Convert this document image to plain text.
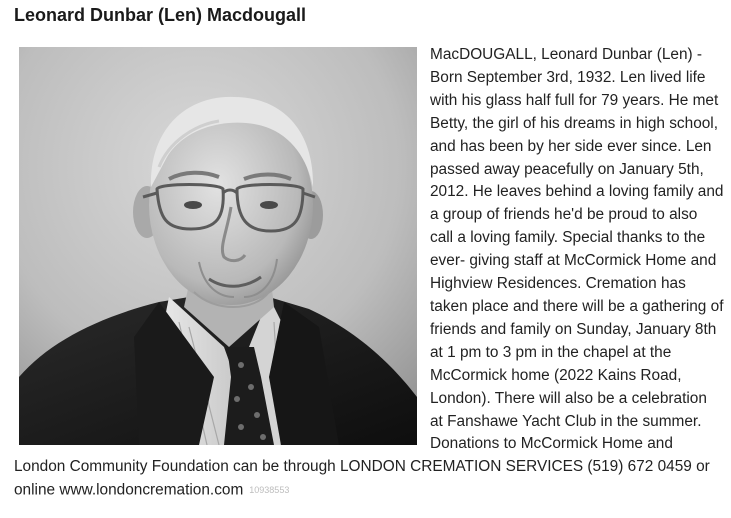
Leonard Dunbar (Len) Macdougall
MacDOUGALL, Leonard Dunbar (Len) - Born September 3rd, 1932. Len lived life with his glass half full for 79 years. He met Betty, the girl of his dreams in high school, and has been by her side ever since. Len passed away peacefully on January 5th, 2012. He leaves behind a loving family and a group of friends he'd be proud to also call a loving family. Special thanks to the ever- giving staff at McCormick Home and Highview Residences. Cremation has taken place and there will be a gathering of friends and family on Sunday, January 8th at 1 pm to 3 pm in the chapel at the McCormick home (2022 Kains Road, London). There will also be a celebration at Fanshawe Yacht Club in the summer. Donations to McCormick Home and London Community Foundation can be through LONDON CREMATION SERVICES (519) 672 0459 or online www.londoncremation.com 10938553
